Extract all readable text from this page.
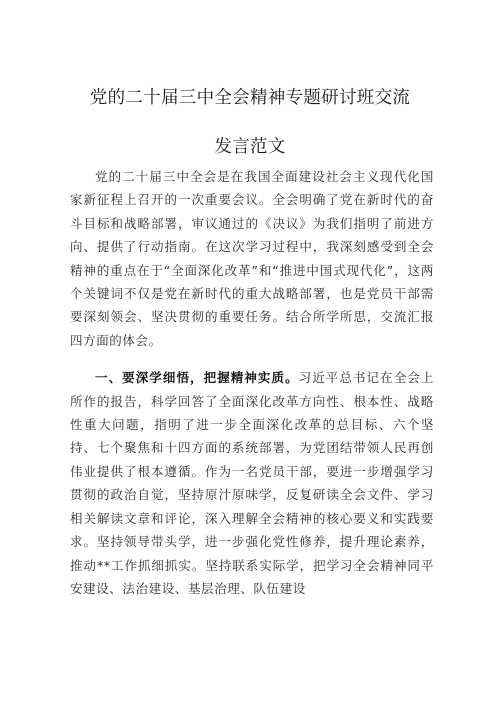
党的二十届三中全会精神专题研讨班交流
发言范文

党的二十届三中全会是在我国全面建设社会主义现代化国家新征程上召开的一次重要会议。全会明确了党在新时代的奋斗目标和战略部署，审议通过的《决议》为我们指明了前进方向、提供了行动指南。在这次学习过程中，我深刻感受到全会精神的重点在于“全面深化改革”和“推进中国式现代化”，这两个关键词不仅是党在新时代的重大战略部署，也是党员干部需要深刻领会、坚决贯彻的重要任务。结合所学所思，交流汇报四方面的体会。

一、要深学细悟，把握精神实质。习近平总书记在全会上所作的报告，科学回答了全面深化改革方向性、根本性、战略性重大问题，指明了进一步全面深化改革的总目标、六个坚持、七个聚焦和十四方面的系统部署，为党团结带领人民再创伟业提供了根本遵循。作为一名党员干部，要进一步增强学习贯彻的政治自觉，坚持原汁原味学，反复研读全会文件、学习相关解读文章和评论，深入理解全会精神的核心要义和实践要求。坚持领导带头学，进一步强化党性修养，提升理论素养，推动**工作抓细抓实。坚持联系实际学，把学习全会精神同平安建设、法治建设、基层治理、队伍建设
